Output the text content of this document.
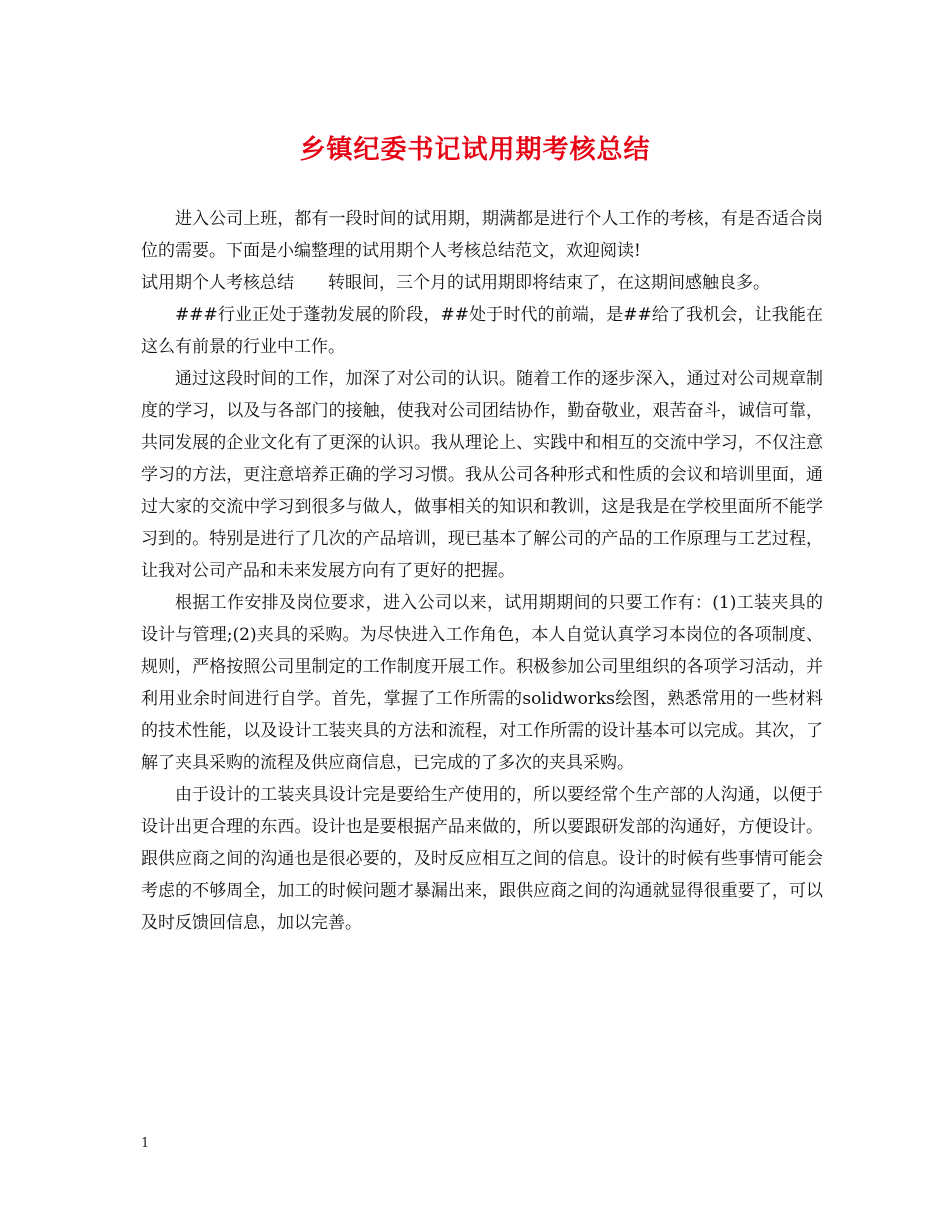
乡镇纪委书记试用期考核总结

进入公司上班，都有一段时间的试用期，期满都是进行个人工作的考核，有是否适合岗位的需要。下面是小编整理的试用期个人考核总结范文，欢迎阅读!

试用期个人考核总结 转眼间，三个月的试用期即将结束了，在这期间感触良多。

###行业正处于蓬勃发展的阶段，##处于时代的前端，是##给了我机会，让我能在这么有前景的行业中工作。

通过这段时间的工作，加深了对公司的认识。随着工作的逐步深入，通过对公司规章制度的学习，以及与各部门的接触，使我对公司团结协作，勤奋敬业，艰苦奋斗，诚信可靠，共同发展的企业文化有了更深的认识。我从理论上、实践中和相互的交流中学习，不仅注意学习的方法，更注意培养正确的学习习惯。我从公司各种形式和性质的会议和培训里面，通过大家的交流中学习到很多与做人，做事相关的知识和教训，这是我是在学校里面所不能学习到的。特别是进行了几次的产品培训，现已基本了解公司的产品的工作原理与工艺过程，让我对公司产品和未来发展方向有了更好的把握。

根据工作安排及岗位要求，进入公司以来，试用期期间的只要工作有：(1)工装夹具的设计与管理;(2)夹具的采购。为尽快进入工作角色，本人自觉认真学习本岗位的各项制度、规则，严格按照公司里制定的工作制度开展工作。积极参加公司里组织的各项学习活动，并利用业余时间进行自学。首先，掌握了工作所需的solidworks绘图，熟悉常用的一些材料的技术性能，以及设计工装夹具的方法和流程，对工作所需的设计基本可以完成。其次，了解了夹具采购的流程及供应商信息，已完成的了多次的夹具采购。

由于设计的工装夹具设计完是要给生产使用的，所以要经常个生产部的人沟通，以便于设计出更合理的东西。设计也是要根据产品来做的，所以要跟研发部的沟通好，方便设计。跟供应商之间的沟通也是很必要的，及时反应相互之间的信息。设计的时候有些事情可能会考虑的不够周全，加工的时候问题才暴漏出来，跟供应商之间的沟通就显得很重要了，可以及时反馈回信息，加以完善。

1
